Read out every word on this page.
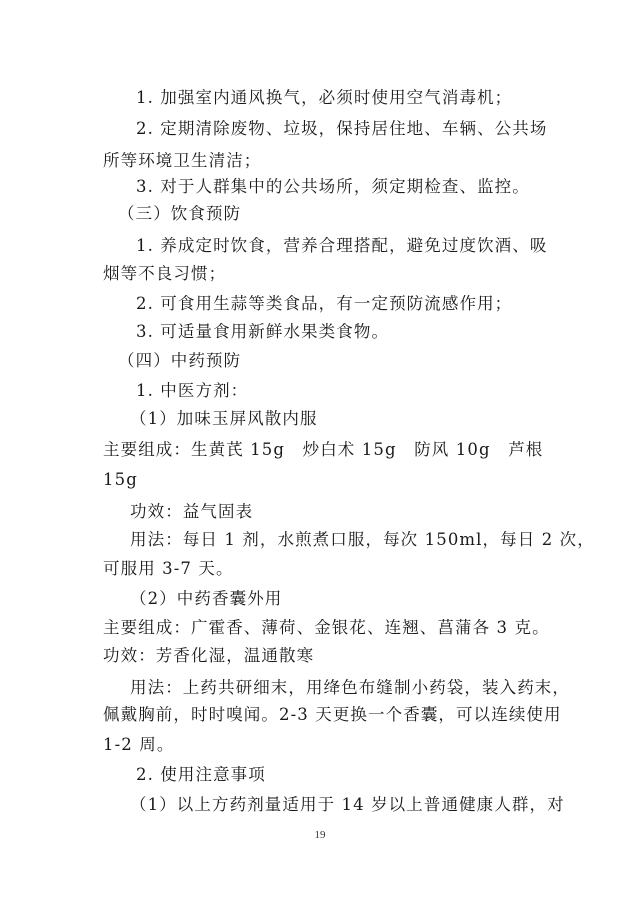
1. 加强室内通风换气，必须时使用空气消毒机；
2. 定期清除废物、垃圾，保持居住地、车辆、公共场
所等环境卫生清洁；
3. 对于人群集中的公共场所，须定期检查、监控。
（三）饮食预防
1. 养成定时饮食，营养合理搭配，避免过度饮酒、吸
烟等不良习惯；
2. 可食用生蒜等类食品，有一定预防流感作用；
3. 可适量食用新鲜水果类食物。
（四）中药预防
1. 中医方剂：
（1）加味玉屏风散内服
主要组成：生黄芪 15g　炒白术 15g　防风 10g　芦根
15g
功效：益气固表
用法：每日 1 剂，水煎煮口服，每次 150ml，每日 2 次，
可服用 3-7 天。
（2）中药香囊外用
主要组成：广霍香、薄荷、金银花、连翘、菖蒲各 3 克。
功效：芳香化湿，温通散寒
用法：上药共研细末，用绛色布缝制小药袋，装入药末，
佩戴胸前，时时嗅闻。2-3 天更换一个香囊，可以连续使用
1-2 周。
2. 使用注意事项
（1）以上方药剂量适用于 14 岁以上普通健康人群，对
19
